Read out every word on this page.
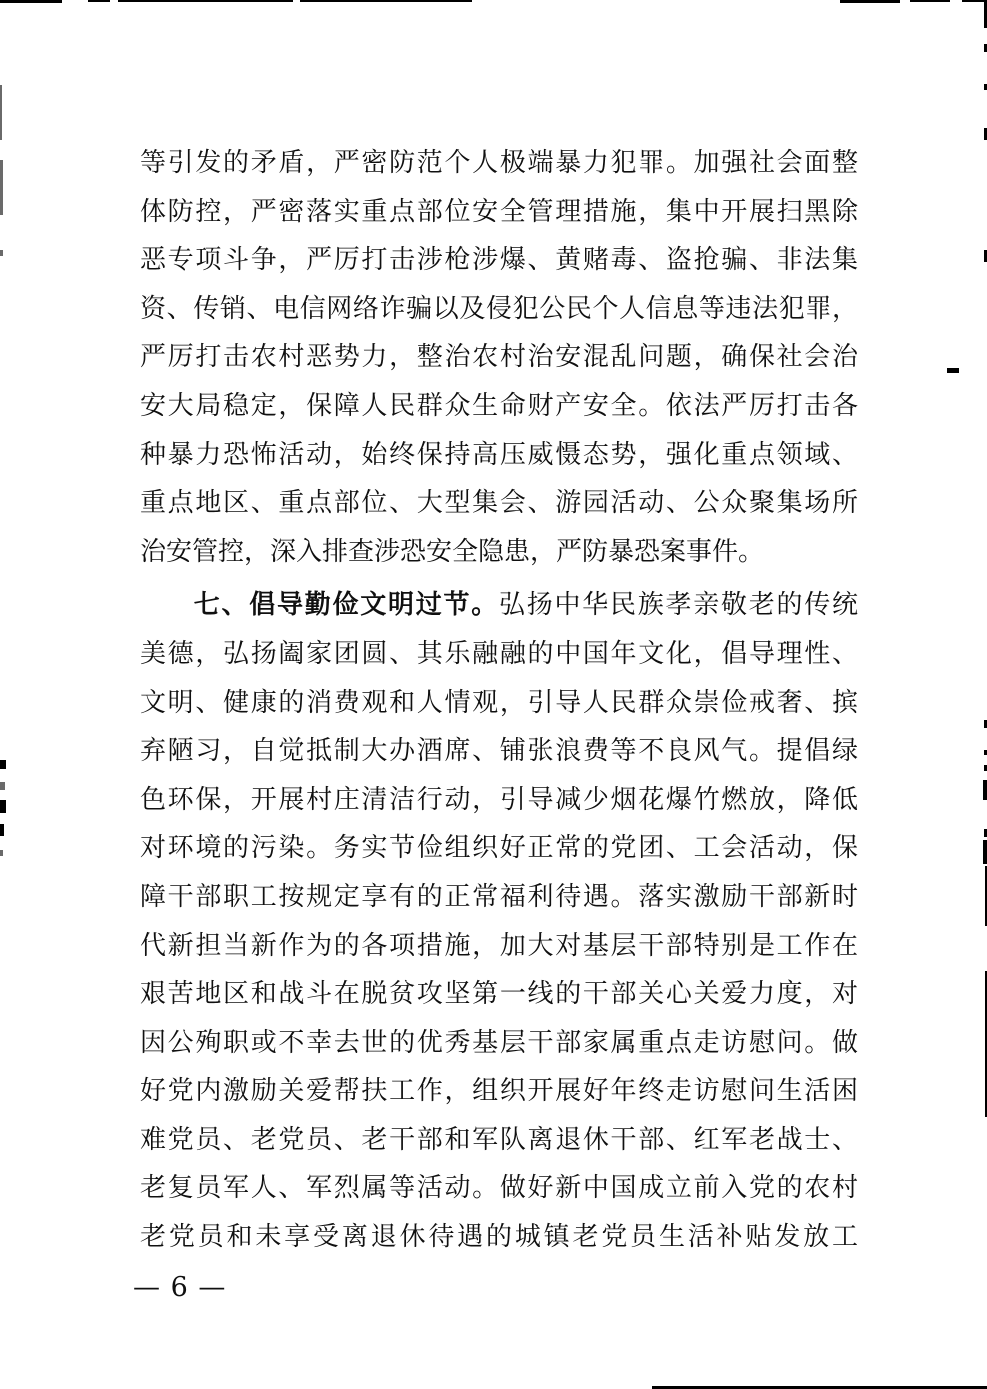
等引发的矛盾，严密防范个人极端暴力犯罪。加强社会面整
体防控，严密落实重点部位安全管理措施，集中开展扫黑除
恶专项斗争，严厉打击涉枪涉爆、黄赌毒、盗抢骗、非法集
资、传销、电信网络诈骗以及侵犯公民个人信息等违法犯罪，
严厉打击农村恶势力，整治农村治安混乱问题，确保社会治
安大局稳定，保障人民群众生命财产安全。依法严厉打击各
种暴力恐怖活动，始终保持高压威慑态势，强化重点领域、
重点地区、重点部位、大型集会、游园活动、公众聚集场所
治安管控，深入排查涉恐安全隐患，严防暴恐案事件。
七、倡导勤俭文明过节。弘扬中华民族孝亲敬老的传统
美德，弘扬阖家团圆、其乐融融的中国年文化，倡导理性、
文明、健康的消费观和人情观，引导人民群众崇俭戒奢、摈
弃陋习，自觉抵制大办酒席、铺张浪费等不良风气。提倡绿
色环保，开展村庄清洁行动，引导减少烟花爆竹燃放，降低
对环境的污染。务实节俭组织好正常的党团、工会活动，保
障干部职工按规定享有的正常福利待遇。落实激励干部新时
代新担当新作为的各项措施，加大对基层干部特别是工作在
艰苦地区和战斗在脱贫攻坚第一线的干部关心关爱力度，对
因公殉职或不幸去世的优秀基层干部家属重点走访慰问。做
好党内激励关爱帮扶工作，组织开展好年终走访慰问生活困
难党员、老党员、老干部和军队离退休干部、红军老战士、
老复员军人、军烈属等活动。做好新中国成立前入党的农村
老党员和未享受离退休待遇的城镇老党员生活补贴发放工
— 6 —
